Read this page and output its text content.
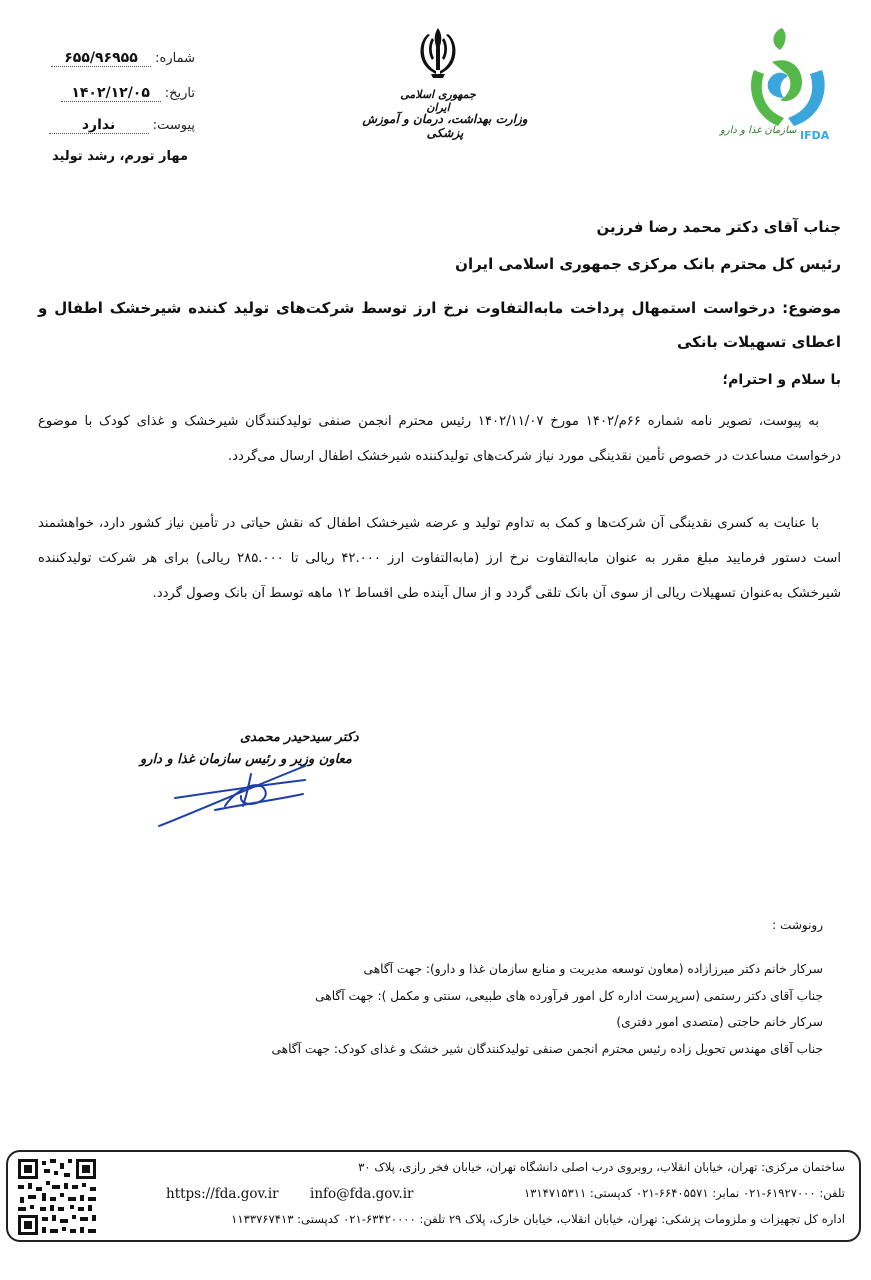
شماره: ۶۵۵/۹۶۹۵۵
تاریخ: ۱۴۰۲/۱۲/۰۵
پیوست: ندارد
مهار تورم، رشد تولید
جمهوری اسلامی ایران
وزارت بهداشت، درمان و آموزش پزشکی	سازمان غذا و دارو IFDA
جناب آقای دکتر محمد رضا فرزین
رئیس کل محترم بانک مرکزی جمهوری اسلامی ایران
موضوع: درخواست استمهال پرداخت مابه‌التفاوت نرخ ارز توسط شرکت‌های تولید کننده شیرخشک اطفال و اعطای تسهیلات بانکی
با سلام و احترام؛
به پیوست، تصویر نامه شماره ۶۶م/۱۴۰۲ مورخ ۱۴۰۲/۱۱/۰۷ رئیس محترم انجمن صنفی تولیدکنندگان شیرخشک و غذای کودک با موضوع درخواست مساعدت در خصوص تأمین نقدینگی مورد نیاز شرکت‌های تولیدکننده شیرخشک اطفال ارسال می‌گردد.
با عنایت به کسری نقدینگی آن شرکت‌ها و کمک به تداوم تولید و عرضه شیرخشک اطفال که نقش حیاتی در تأمین نیاز کشور دارد، خواهشمند است دستور فرمایید مبلغ مقرر به عنوان مابه‌التفاوت نرخ ارز (مابه‌التفاوت ارز ۴۲.۰۰۰ ریالی تا ۲۸۵.۰۰۰ ریالی) برای هر شرکت تولیدکننده شیرخشک به‌عنوان تسهیلات ریالی از سوی آن بانک تلقی گردد و از سال آینده طی اقساط ۱۲ ماهه توسط آن بانک وصول گردد.
دکتر سیدحیدر محمدی
معاون وزیر و رئیس سازمان غذا و دارو
رونوشت :
سرکار خانم دکتر میرزازاده (معاون توسعه مدیریت و منابع سازمان غذا و دارو): جهت آگاهی
جناب آقای دکتر رستمی (سرپرست اداره کل امور فرآورده های طبیعی، سنتی و مکمل ): جهت آگاهی
سرکار خانم حاجتی (متصدی امور دفتری)
جناب آقای مهندس تحویل زاده رئیس محترم انجمن صنفی تولیدکنندگان شیر خشک و غذای کودک: جهت آگاهی
ساختمان مرکزی: تهران، خیابان انقلاب، روبروی درب اصلی دانشگاه تهران، خیابان فخر رازی، پلاک ۳۰
تلفن: ۶۱۹۲۷۰۰۰-۰۲۱ نمابر: ۶۶۴۰۵۵۷۱-۰۲۱ کدپستی: ۱۳۱۴۷۱۵۳۱۱
info@fda.gov.ir
https://fda.gov.ir
اداره کل تجهیزات و ملزومات پزشکی: تهران، خیابان انقلاب، خیابان خارک، پلاک ۲۹ تلفن: ۶۳۴۲۰۰۰۰-۰۲۱ کدپستی: ۱۱۳۳۷۶۷۴۱۳
